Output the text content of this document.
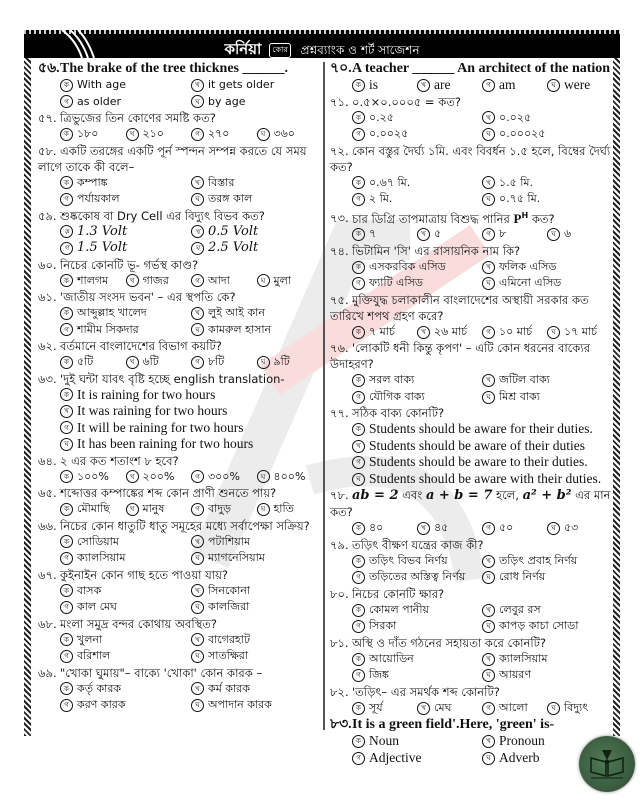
কর্নিয়া কোর প্রশ্নব্যাংক ও শর্ট সাজেশন
৫৬.The brake of the tree thicknes ______.
ক With age	খ it gets older
গ as older	ঘ by age
৫৭. ত্রিভুজের তিন কোণের সমষ্টি কত?
ক ১৮০	খ ২১০	গ ২৭০	ঘ ৩৬০
৫৮. একটি তরঙ্গের একটি পূর্ন স্পন্দন সম্পন্ন করতে যে সময় লাগে তাকে কী বলে–
ক কম্পাঙ্ক	খ বিস্তার
গ পর্যায়কাল	ঘ তরঙ্গ কাল
৫৯. শুষ্ককোষ বা Dry Cell এর বিদ্যুৎ বিভব কত?
ক 1.3 Volt	খ 0.5 Volt
গ 1.5 Volt	ঘ 2.5 Volt
৬০. নিচের কোনটি ভূ- গর্ভস্থ কাণ্ড?
ক শালগম	খ গাজর	গ আদা	ঘ মুলা
৬১. 'জাতীয় সংসদ ভবন' – এর স্থপতি কে?
ক আব্দুল্লাহ খালেদ	খ লুই আই কান
গ শামীম সিকদার	ঘ কামরুল হাসান
৬২. বর্তমানে বাংলাদেশের বিভাগ কয়টি?
ক ৫টি	খ ৬টি	গ ৮টি	ঘ ৯টি
৬৩. 'দুই ঘন্টা যাবৎ বৃষ্টি হচ্ছে english translation-
ক It is raining for two hours
খ It was raining for two hours
গ It will be raining for two hours
ঘ It has been raining for two hours
৬৪. ২ এর কত শতাংশ ৮ হবে?
ক ১০০%	খ ২০০%	গ ৩০০%	ঘ ৪০০%
৬৫. শব্দোত্তর কম্পাঙ্কের শব্দ কোন প্রাণী শুনতে পায়?
ক মৌমাছি	খ মানুষ	গ বাদুড়	ঘ হাতি
৬৬. নিচের কোন ধাতুটি ধাতু সমূহের মধ্যে সর্বাপেক্ষা সক্রিয়?
ক সোডিয়াম	খ পটাশিয়াম
গ ক্যালসিয়াম	ঘ ম্যাগনেসিয়াম
৬৭. কুইনাইন কোন গাছ হতে পাওয়া যায়?
ক বাসক	খ সিনকোনা
গ কাল মেঘ	ঘ কালজিরা
৬৮. মংলা সমুদ্র বন্দর কোথায় অবস্থিত?
ক খুলনা	খ বাগেরহাট
গ বরিশাল	ঘ সাতক্ষিরা
৬৯. "খোকা ঘুমায়"– বাক্যে 'খোকা' কোন কারক –
ক কর্তৃ কারক	খ কর্ম কারক
গ করণ কারক	ঘ অপাদান কারক
৭০.A teacher ______ An architect of the nation
ক is	খ are	গ am	ঘ were
৭১. ০.৫×০.০০০৫ = কত?
ক ০.২৫	খ ০.০২৫
গ ০.০০২৫	ঘ ০.০০০২৫
৭২. কোন বস্তুর দৈর্ঘ্য ১মি. এবং বিবর্ধন ১.৫ হলে, বিম্বের দৈর্ঘ্য কত?
ক ০.৬৭ মি.	খ ১.৫ মি.
গ ২ মি.	ঘ ০.৭৫ মি.
৭৩. চার ডিগ্রি তাপমাত্রায় বিশুদ্ধ পানির $P^H$ কত?
ক ৭	খ ৫	গ ৮	ঘ ৬
৭৪. ভিটামিন 'সি' এর রাসায়নিক নাম কি?
ক এসকরবিক এসিড	খ ফলিক এসিড
গ ফ্যাটি এসিড	ঘ এমিনো এসিড
৭৫. মুক্তিযুদ্ধ চলাকালীন বাংলাদেশের অস্থায়ী সরকার কত তারিখে শপথ গ্রহণ করে?
ক ৭ মার্চ	খ ২৬ মার্চ	গ ১০ মার্চ	ঘ ১৭ মার্চ
৭৬. 'লোকটি ধনী কিন্তু কৃপণ' – এটি কোন ধরনের বাক্যের উদাহরণ?
ক সরল বাক্য	খ জটিল বাক্য
গ যৌগিক বাক্য	ঘ মিশ্র বাক্য
৭৭. সঠিক বাক্য কোনটি?
ক Students should be aware for their duties.
খ Students should be aware of their duties
গ Students should be aware to their duties.
ঘ Students should be aware with their duties.
৭৮. ab = 2 এবং a + b = 7 হলে, a² + b² এর মান কত?
ক ৪০	খ ৪৫	গ ৫০	ঘ ৫৩
৭৯. তড়িৎ বীক্ষণ যন্ত্রের কাজ কী?
ক তড়িৎ বিভব নির্ণয়	খ তড়িৎ প্রবাহ নির্ণয়
গ তড়িতের অস্তিত্ব নির্ণয়	ঘ রোধ নির্ণয়
৮০. নিচের কোনটি ক্ষার?
ক কোমল পানীয়	খ লেবুর রস
গ সিরকা	ঘ কাপড় কাচা সোডা
৮১. অস্থি ও দাঁত গঠনের সহায়তা করে কোনটি?
ক আয়োডিন	খ ক্যালসিয়াম
গ জিঙ্ক	ঘ আয়রণ
৮২. 'তড়িৎ– এর সমর্থক শব্দ কোনটি?
ক সূর্য	খ মেঘ	গ আলো	ঘ বিদ্যুৎ
৮৩.It is a green field'.Here, 'green' is-
ক Noun	খ Pronoun
গ Adjective	ঘ Adverb
